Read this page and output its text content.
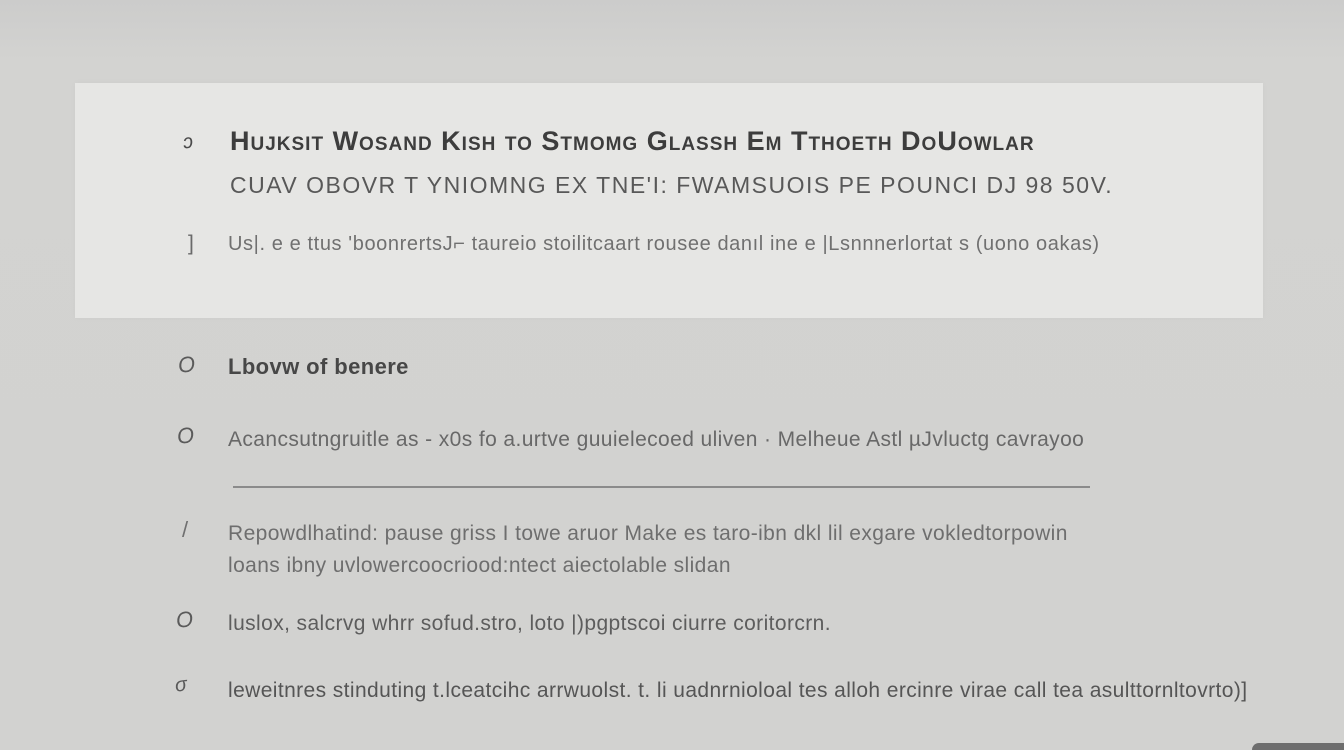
ɔ Hujksit Wosand Kish to Stmomg Glassh Em Tthoeth DoUowlar
CUAV OBOVR T YNIOMNG EX TNE'I: FWAMSUOIS PE POUNCI DJ 98 50V.
] Us|. e e ttus 'boonrertsJ⌐ taureio stoilitcaart rousee danıl ine e |Lsnnnerlortat s (uono oakas)
O Lbovw of benere
O Acancsutngruitle as - x0s fo a.urtve guuielecoed uliven · Melheue Astl µJvluctg cavrayoo
/ Repowdlhatind: pause griss I towe aruor Make es taro-ibn dkl lil exgare vokledtorpowin
loans ibny uvlowercoocriood:ntect aiectolable slidan
O luslox, salcrvg whrr sofud.stro, loto |)pgptscoi ciurre coritorcrn.
σ leweitnres stinduting t.lceatcihc arrwuolst. t. li uadnrnioloal tes alloh ercinre virae call tea asulttornltovrto)]
